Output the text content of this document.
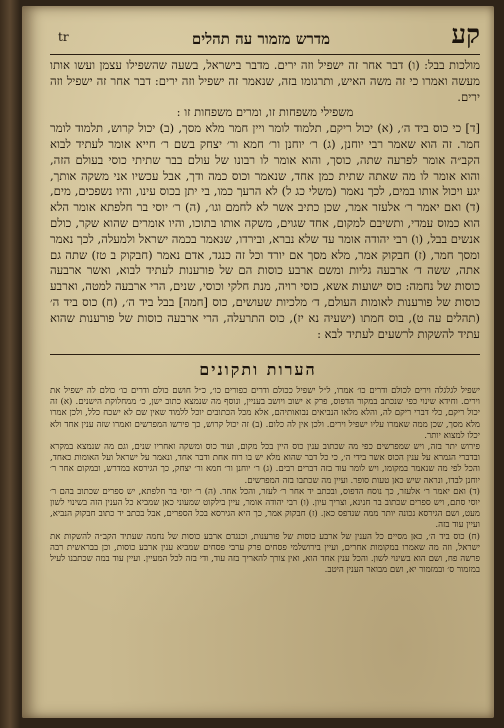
קע
מדרש מזמור עה תהלים
tr

מולכות בבל: (ו) דבר אחר זה ישפיל וזה ירים. מדבר בישראל, בשעה שהשפילו עצמן ועשו אותו מעשה ואמרו כי זה משה האיש, ותרגומו בזה, שנאמר זה ישפיל וזה ירים: דבר אחר זה ישפיל וזה ירים.

משפילי משפחות זו, ומרים משפחות זו :

[ד] כי כוס ביד ה׳, (א) יכול ריקם, תלמוד לומר ויין חמר מלא מסך, (ב) יכול קרוש, תלמוד לומר חמר. זה הוא שאמר רבי יוחנן, (ג) ר׳ יוחנן ור׳ חמא ור׳ יצחק בשם ר׳ חייא אומר לעתיד לבוא הקב״ה אומר לפרעה שתה, כוסך, והוא אומר לו רבונו של עולם בבר שתיתי כוסי בעולם הזה, והוא אומר לו מה שאתה שתית כמן אחד, שנאמר וכוס כמה ודך, אבל עכשיו אני משקה אותך, יגע ויכול אותו במים, לכך נאמר (משלי כג ל) לא הרעך כמו, בי יתן בכוס עינו, והיו נשפכים, מים, (ד) ואם יאמר ר׳ אלעזר אמר, שכן כתיב אשר לא לחמם וגו׳, (ה) ר׳ יוסי בר חלפתא אומר הלא הוא כמוס עמדי, ותשיבם למקום, אחד שגוים, משקה אותו בתוכו, והיו אומרים שהוא שקר, כולם אנשים בבל, (ו) רבי יהודה אומר עד שלא נברא, ובירדו, שנאמר בכמה ישראל ולמעלה, לכך נאמר ומסך חמר, (ז) חבקוק אמר, מלא מסך אם יורד וכל זה כנגד, אדם נאמר (חבקוק ב טז) שתה גם אתה, ששה ד׳ ארבעה גליות ומשם ארבע כוסות הם של פורענות לעתיד לבוא, ואשר ארבעה כוסות של נחמה: כוס ישועות אשא, כוסי רויה, מנת חלקי וכוסי, שנים, הרי ארבעה למטה, וארבע כוסות של פורענות לאומות העולם, ד׳ מלכיות שעושים, כוס [חמה] בבל ביד ה׳, (ח) כוס ביד ה׳ (תהלים עה ט), בוס חמתו (ישעיה נא יז), כוס התרעלה, הרי ארבעה כוסות של פורענות שהוא עתיד להשקות לרשעים לעתיד לבא :

הערות ותקונים

ישפיל לגלגלה וירים לכולם ודרים כו׳ אמרו, ל״ל ישפיל ככולם ודרים כפורים כו׳, כ״ל חושם כולם ודרים כו׳ כולם לה ישפיל את וירים. וחידא שינוי כפי שנכתב במקור הדפוס, פרק א ישוב ויושב בעניין, ונוסף מה שנמצא כתוב ישן, כ׳ ממחלוקת הישנים. (א) זה יכול ריקם, כלי דברי ריקם לה, והלא מלאו הנביאים נבואותיהם, אלא מכל הכתובים יוכל ללמוד שאין שם לא ישכח כלל, ולכן אמרו מלא מסך, שכן ממה שאמרו עליו ישפיל וירים. ולכן אין לה כלום. (ב) זה יכול קרוש, כך פירשו המפרשים ואמרו שזה ענין אחד ולא יכלו למצוא יותר.

פירוש יתר בזה, ויש שמפרשים כפי מה שכתוב ענין כוס היין בכל מקום, ועוד כוס ומשקה ואחריו שנים, וגם מה שנמצא במקרא ובדברי הגמרא על ענין הכוס אשר בידי ה׳, כי כל דבר שהוא מלא יש בו רוח אחת ודבר אחד, ונאמר על ישראל ועל האומות כאחד, והכל לפי מה שנאמר במקומו, ויש לומר עוד בזה דברים רבים. (ג) ר׳ יוחנן ור׳ חמא ור׳ יצחק, כך הגירסא במדרש, ובמקום אחר ר׳ יוחנן לבדו, ונראה שיש כאן טעות סופר. ועיין מה שכתבו בזה המפרשים.

(ד) ואם יאמר ר׳ אלעזר, כך נוסח הדפוס, ובכתב יד אחר ר׳ לעזר, והכל אחד. (ה) ר׳ יוסי בר חלפתא, יש ספרים שכתוב בהם ר׳ יוסי סתם, ויש ספרים שכתוב בר חנינא, וצריך עיון. (ו) רבי יהודה אומר, עיין בילקוט שמעוני כאן שמביא כל הענין הזה בשינוי לשון מעט, ושם הגירסא נכונה יותר ממה שנדפס כאן. (ז) חבקוק אמר, כך היא הגירסא בכל הספרים, אבל בכתב יד כתוב חבקוק הנביא, ועיין עוד בזה.

(ח) כוס ביד ה׳, כאן מסיים כל הענין של ארבע כוסות של פורענות, וכנגדם ארבע כוסות של נחמה שעתיד הקב״ה להשקות את ישראל, וזה מה שאמרו במקומות אחרים, ועיין בירושלמי פסחים פרק ערבי פסחים שמביא ענין ארבע כוסות, וכן בבראשית רבה פרשה פח, ושם הוא בשינוי לשון. והכל ענין אחד הוא, ואין צורך להאריך בזה עוד, ודי בזה לכל המעיין. ועיין עוד במה שכתבנו לעיל במזמור ס׳ ובמזמור יא, ושם מבואר הענין היטב.
